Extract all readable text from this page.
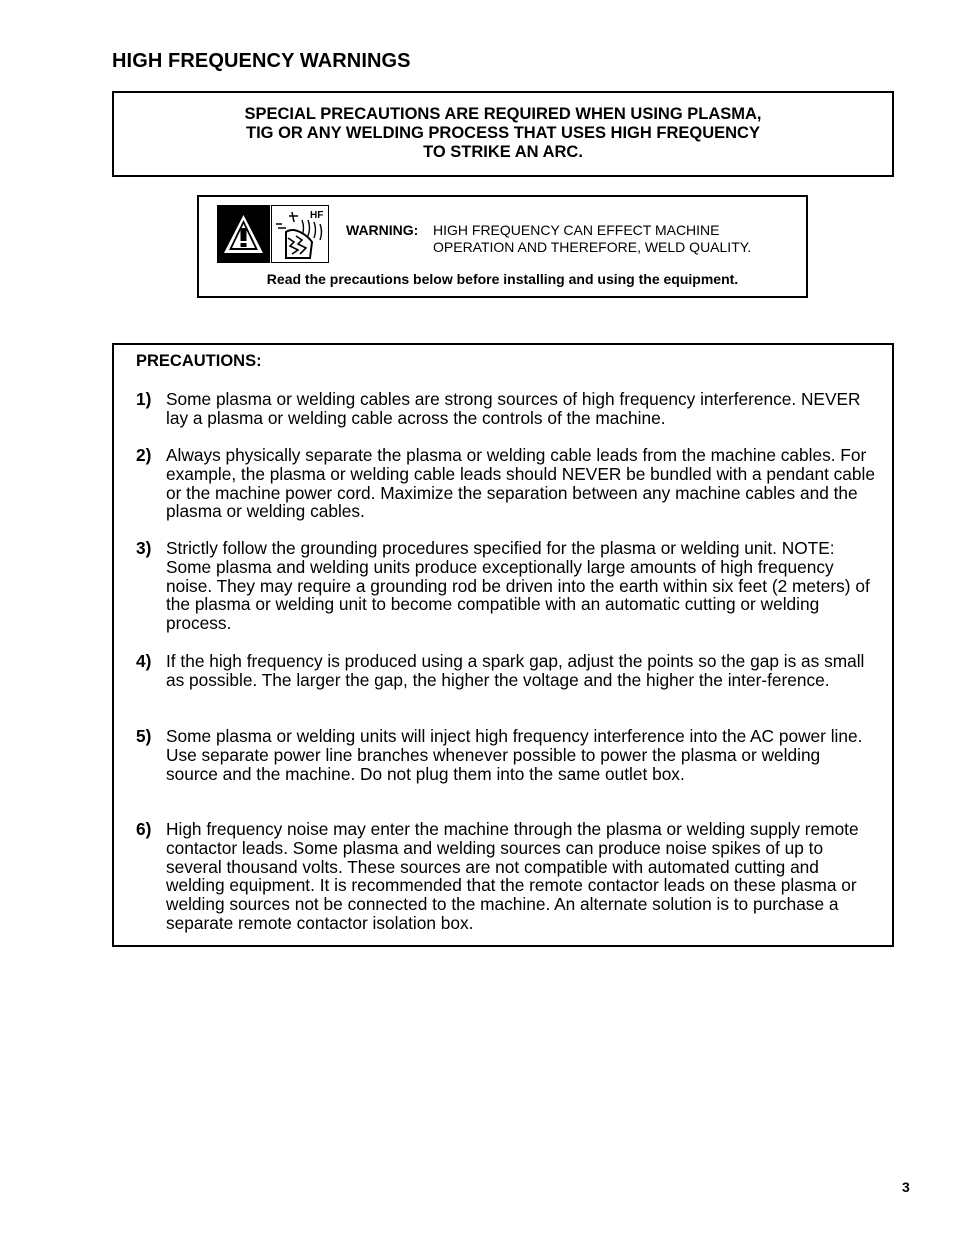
HIGH FREQUENCY WARNINGS
SPECIAL PRECAUTIONS ARE REQUIRED WHEN USING PLASMA,
TIG OR ANY WELDING PROCESS THAT USES HIGH FREQUENCY
TO STRIKE AN ARC.
HF
WARNING: HIGH FREQUENCY CAN EFFECT MACHINE
OPERATION AND THEREFORE, WELD QUALITY.
Read the precautions below before installing and using the equipment.
PRECAUTIONS:
1) Some plasma or welding cables are strong sources of high frequency interference. NEVER lay a plasma or welding cable across the controls of the machine.
2) Always physically separate the plasma or welding cable leads from the machine cables. For example, the plasma or welding cable leads should NEVER be bundled with a pendant cable or the machine power cord. Maximize the separation between any machine cables and the plasma or welding cables.
3) Strictly follow the grounding procedures specified for the plasma or welding unit. NOTE: Some plasma and welding units produce exceptionally large amounts of high frequency noise. They may require a grounding rod be driven into the earth within six feet (2 meters) of the plasma or welding unit to become compatible with an automatic cutting or welding process.
4) If the high frequency is produced using a spark gap, adjust the points so the gap is as small as possible. The larger the gap, the higher the voltage and the higher the inter-ference.
5) Some plasma or welding units will inject high frequency interference into the AC power line. Use separate power line branches whenever possible to power the plasma or welding source and the machine. Do not plug them into the same outlet box.
6) High frequency noise may enter the machine through the plasma or welding supply remote contactor leads. Some plasma and welding sources can produce noise spikes of up to several thousand volts. These sources are not compatible with automated cutting and welding equipment. It is recommended that the remote contactor leads on these plasma or welding sources not be connected to the machine. An alternate solution is to purchase a separate remote contactor isolation box.
3
